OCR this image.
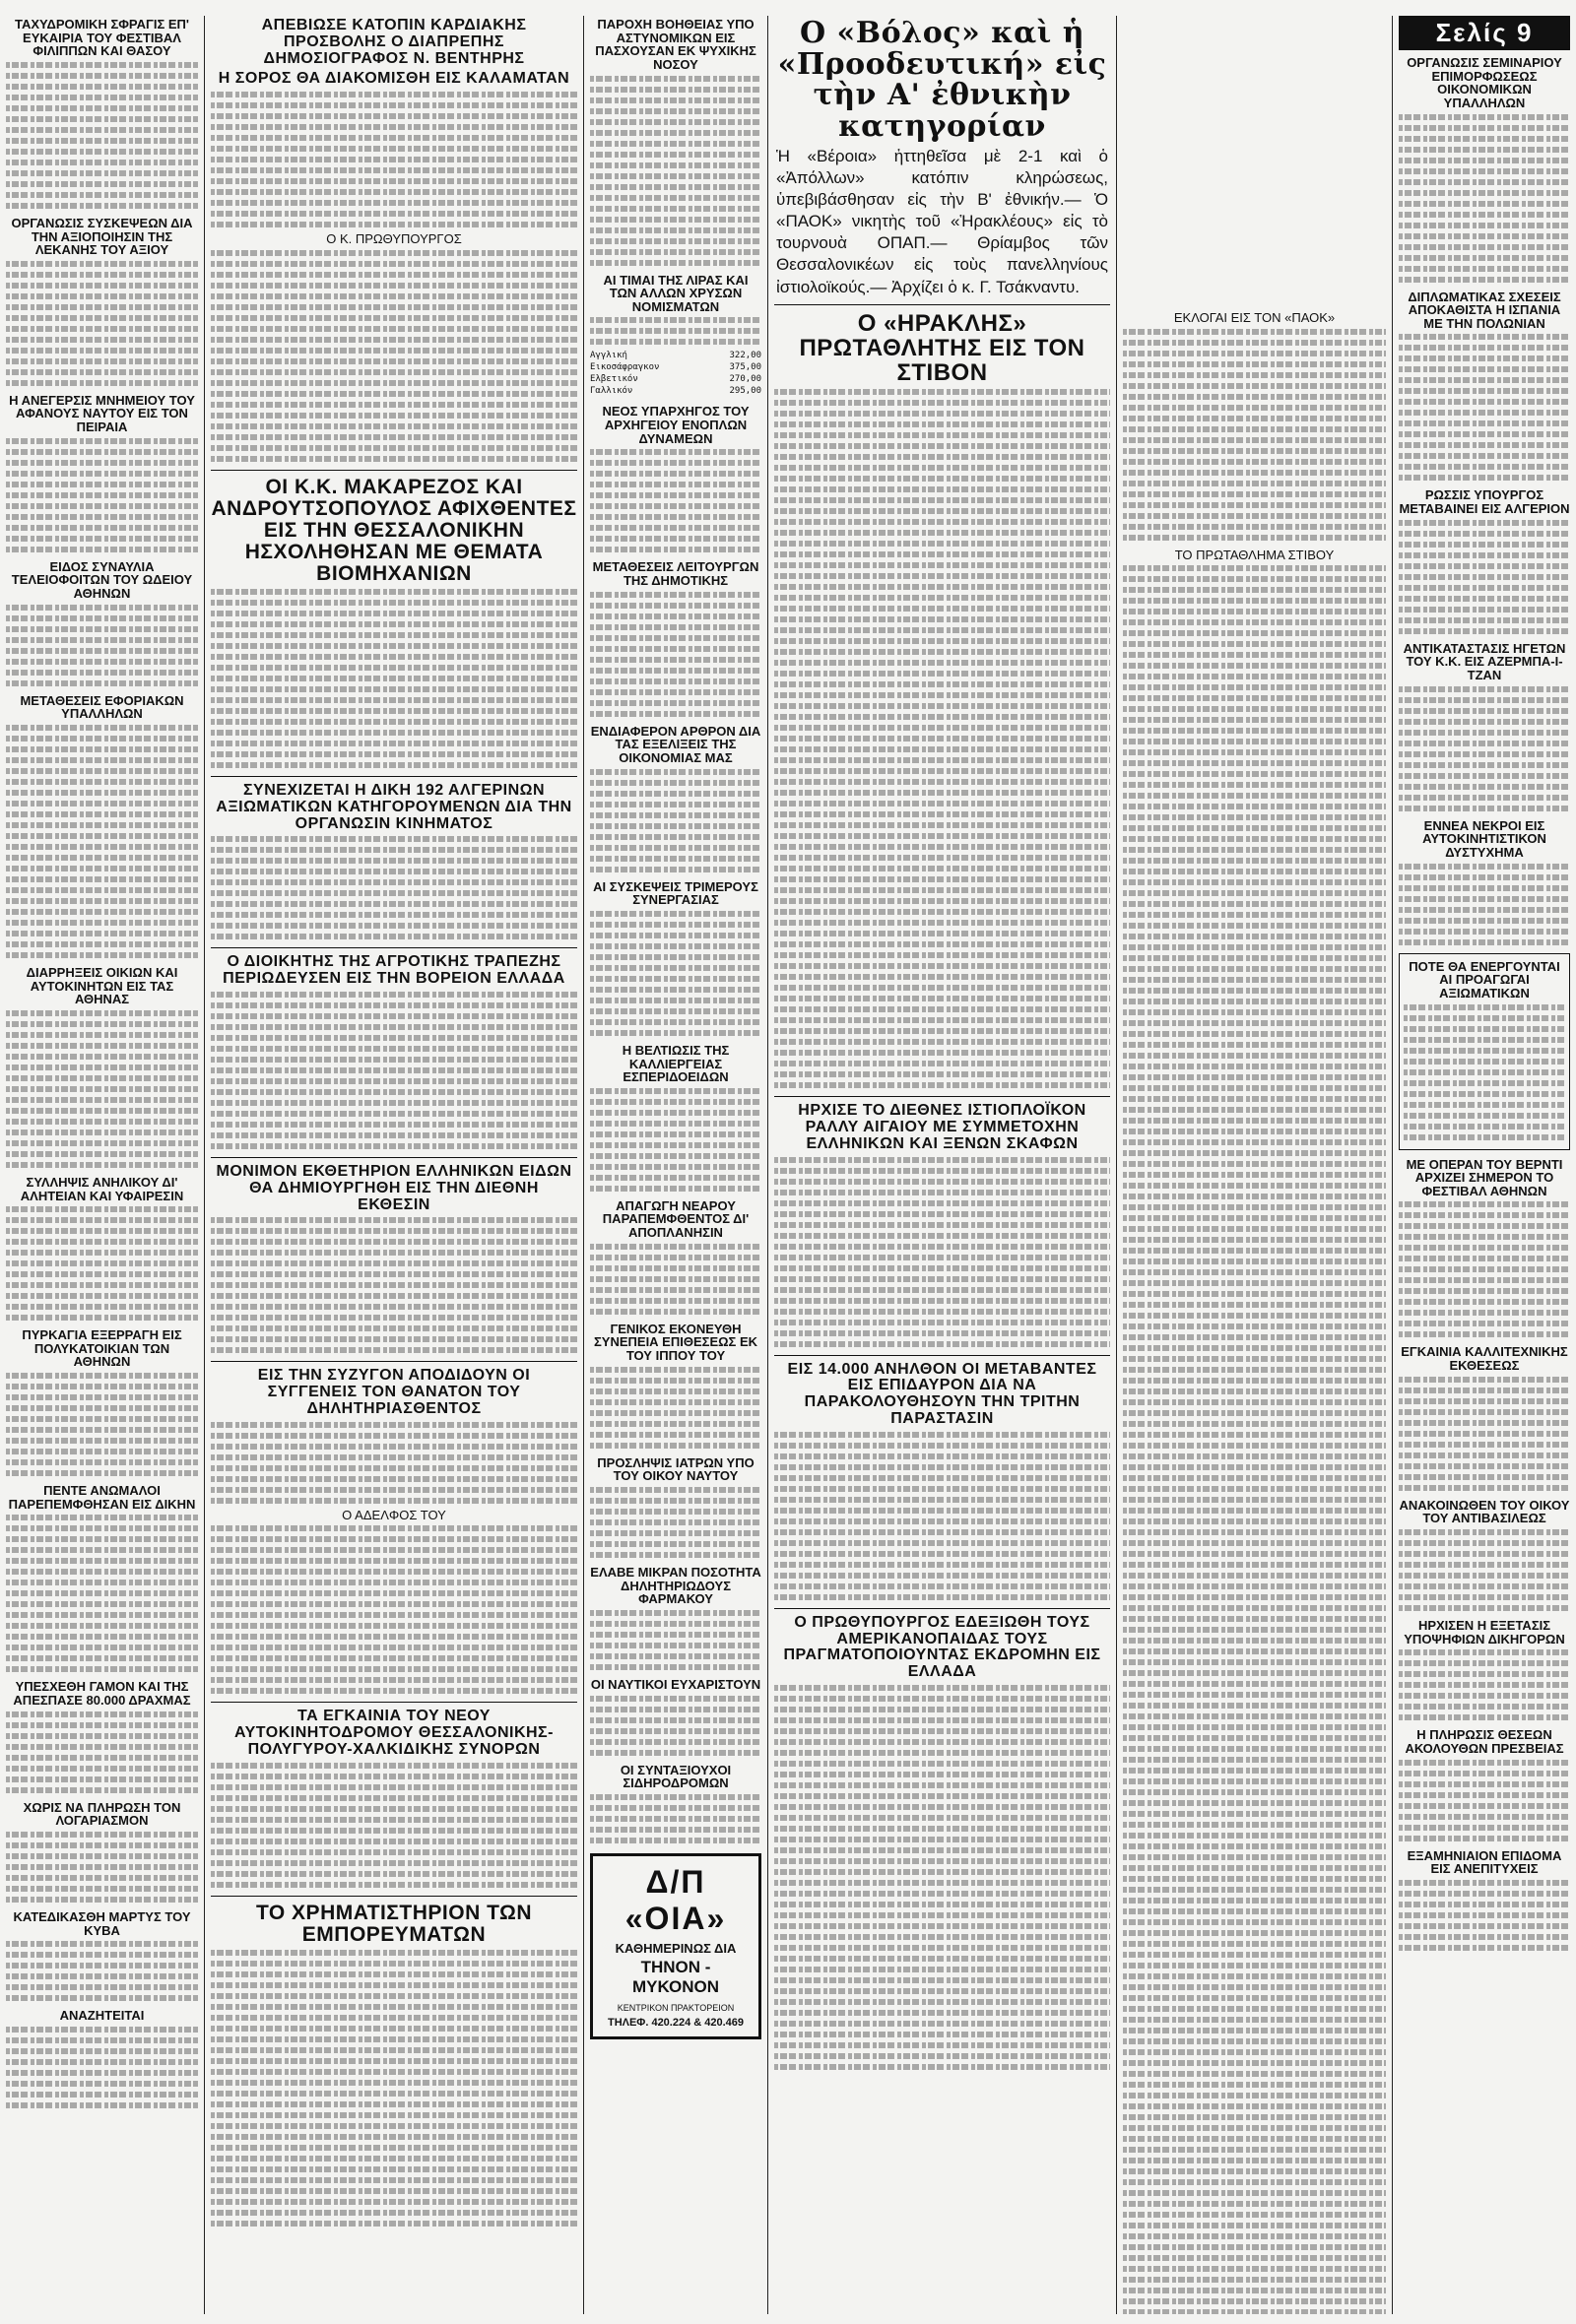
ΤΑΧΥΔΡΟΜΙΚΗ ΣΦΡΑΓΙΣ ΕΠ' ΕΥΚΑΙΡΙΑ ΤΟΥ ΦΕΣΤΙΒΑΛ ΦΙΛΙΠΠΩΝ ΚΑΙ ΘΑΣΟΥ
ΟΡΓΑΝΩΣΙΣ ΣΥΣΚΕΨΕΩΝ ΔΙΑ ΤΗΝ ΑΞΙΟΠΟΙΗΣΙΝ ΤΗΣ ΛΕΚΑΝΗΣ ΤΟΥ ΑΞΙΟΥ
Η ΑΝΕΓΕΡΣΙΣ ΜΝΗΜΕΙΟΥ ΤΟΥ ΑΦΑΝΟΥΣ ΝΑΥΤΟΥ ΕΙΣ ΤΟΝ ΠΕΙΡΑΙΑ
ΕΙΔΟΣ ΣΥΝΑΥΛΙΑ ΤΕΛΕΙΟΦΟΙΤΩΝ ΤΟΥ ΩΔΕΙΟΥ ΑΘΗΝΩΝ
ΜΕΤΑΘΕΣΕΙΣ ΕΦΟΡΙΑΚΩΝ ΥΠΑΛΛΗΛΩΝ
ΔΙΑΡΡΗΞΕΙΣ ΟΙΚΙΩΝ ΚΑΙ ΑΥΤΟΚΙΝΗΤΩΝ ΕΙΣ ΤΑΣ ΑΘΗΝΑΣ
ΣΥΛΛΗΨΙΣ ΑΝΗΛΙΚΟΥ ΔΙ' ΑΛΗΤΕΙΑΝ ΚΑΙ ΥΦΑΙΡΕΣΙΝ
ΠΥΡΚΑΓΙΑ ΕΞΕΡΡΑΓΗ ΕΙΣ ΠΟΛΥΚΑΤΟΙΚΙΑΝ ΤΩΝ ΑΘΗΝΩΝ
ΠΕΝΤΕ ΑΝΩΜΑΛΟΙ ΠΑΡΕΠΕΜΦΘΗΣΑΝ ΕΙΣ ΔΙΚΗΝ
ΥΠΕΣΧΕΘΗ ΓΑΜΟΝ ΚΑΙ ΤΗΣ ΑΠΕΣΠΑΣΕ 80.000 ΔΡΑΧΜΑΣ
ΧΩΡΙΣ ΝΑ ΠΛΗΡΩΣΗ ΤΟΝ ΛΟΓΑΡΙΑΣΜΟΝ
ΚΑΤΕΔΙΚΑΣΘΗ ΜΑΡΤΥΣ ΤΟΥ ΚΥΒΑ
ΑΝΑΖΗΤΕΙΤΑΙ
ΑΠΕΒΙΩΣΕ ΚΑΤΟΠΙΝ ΚΑΡΔΙΑΚΗΣ ΠΡΟΣΒΟΛΗΣ Ο ΔΙΑΠΡΕΠΗΣ ΔΗΜΟΣΙΟΓΡΑΦΟΣ Ν. ΒΕΝΤΗΡΗΣ
Η ΣΟΡΟΣ ΘΑ ΔΙΑΚΟΜΙΣΘΗ ΕΙΣ ΚΑΛΑΜΑΤΑΝ
Ο Κ. ΠΡΩΘΥΠΟΥΡΓΟΣ
ΟΙ Κ.Κ. ΜΑΚΑΡΕΖΟΣ ΚΑΙ ΑΝΔΡΟΥΤΣΟΠΟΥΛΟΣ ΑΦΙΧΘΕΝΤΕΣ ΕΙΣ ΤΗΝ ΘΕΣΣΑΛΟΝΙΚΗΝ ΗΣΧΟΛΗΘΗΣΑΝ ΜΕ ΘΕΜΑΤΑ ΒΙΟΜΗΧΑΝΙΩΝ
ΣΥΝΕΧΙΖΕΤΑΙ Η ΔΙΚΗ 192 ΑΛΓΕΡΙΝΩΝ ΑΞΙΩΜΑΤΙΚΩΝ ΚΑΤΗΓΟΡΟΥΜΕΝΩΝ ΔΙΑ ΤΗΝ ΟΡΓΑΝΩΣΙΝ ΚΙΝΗΜΑΤΟΣ
Ο ΔΙΟΙΚΗΤΗΣ ΤΗΣ ΑΓΡΟΤΙΚΗΣ ΤΡΑΠΕΖΗΣ ΠΕΡΙΩΔΕΥΣΕΝ ΕΙΣ ΤΗΝ ΒΟΡΕΙΟΝ ΕΛΛΑΔΑ
ΜΟΝΙΜΟΝ ΕΚΘΕΤΗΡΙΟΝ ΕΛΛΗΝΙΚΩΝ ΕΙΔΩΝ ΘΑ ΔΗΜΙΟΥΡΓΗΘΗ ΕΙΣ ΤΗΝ ΔΙΕΘΝΗ ΕΚΘΕΣΙΝ
ΕΙΣ ΤΗΝ ΣΥΖΥΓΟΝ ΑΠΟΔΙΔΟΥΝ ΟΙ ΣΥΓΓΕΝΕΙΣ ΤΟΝ ΘΑΝΑΤΟΝ ΤΟΥ ΔΗΛΗΤΗΡΙΑΣΘΕΝΤΟΣ
Ο ΑΔΕΛΦΟΣ ΤΟΥ
ΤΑ ΕΓΚΑΙΝΙΑ ΤΟΥ ΝΕΟΥ ΑΥΤΟΚΙΝΗΤΟΔΡΟΜΟΥ ΘΕΣΣΑΛΟΝΙΚΗΣ-ΠΟΛΥΓΥΡΟΥ-ΧΑΛΚΙΔΙΚΗΣ ΣΥΝΟΡΩΝ
ΤΟ ΧΡΗΜΑΤΙΣΤΗΡΙΟΝ ΤΩΝ ΕΜΠΟΡΕΥΜΑΤΩΝ
ΠΑΡΟΧΗ ΒΟΗΘΕΙΑΣ ΥΠΟ ΑΣΤΥΝΟΜΙΚΩΝ ΕΙΣ ΠΑΣΧΟΥΣΑΝ ΕΚ ΨΥΧΙΚΗΣ ΝΟΣΟΥ
ΑΙ ΤΙΜΑΙ ΤΗΣ ΛΙΡΑΣ ΚΑΙ ΤΩΝ ΑΛΛΩΝ ΧΡΥΣΩΝ ΝΟΜΙΣΜΑΤΩΝ
Αγγλική	322,00
Εικοσάφραγκον	375,00
Ελβετικόν	270,00
Γαλλικόν	295,00
ΝΕΟΣ ΥΠΑΡΧΗΓΟΣ ΤΟΥ ΑΡΧΗΓΕΙΟΥ ΕΝΟΠΛΩΝ ΔΥΝΑΜΕΩΝ
ΜΕΤΑΘΕΣΕΙΣ ΛΕΙΤΟΥΡΓΩΝ ΤΗΣ ΔΗΜΟΤΙΚΗΣ
ΕΝΔΙΑΦΕΡΟΝ ΑΡΘΡΟΝ ΔΙΑ ΤΑΣ ΕΞΕΛΙΞΕΙΣ ΤΗΣ ΟΙΚΟΝΟΜΙΑΣ ΜΑΣ
ΑΙ ΣΥΣΚΕΨΕΙΣ ΤΡΙΜΕΡΟΥΣ ΣΥΝΕΡΓΑΣΙΑΣ
Η ΒΕΛΤΙΩΣΙΣ ΤΗΣ ΚΑΛΛΙΕΡΓΕΙΑΣ ΕΣΠΕΡΙΔΟΕΙΔΩΝ
ΑΠΑΓΩΓΗ ΝΕΑΡΟΥ ΠΑΡΑΠΕΜΦΘΕΝΤΟΣ ΔΙ' ΑΠΟΠΛΑΝΗΣΙΝ
ΓΕΝΙΚΟΣ ΕΚΟΝΕΥΘΗ ΣΥΝΕΠΕΙΑ ΕΠΙΘΕΣΕΩΣ ΕΚ ΤΟΥ ΙΠΠΟΥ ΤΟΥ
ΠΡΟΣΛΗΨΙΣ ΙΑΤΡΩΝ ΥΠΟ ΤΟΥ ΟΙΚΟΥ ΝΑΥΤΟΥ
ΕΛΑΒΕ ΜΙΚΡΑΝ ΠΟΣΟΤΗΤΑ ΔΗΛΗΤΗΡΙΩΔΟΥΣ ΦΑΡΜΑΚΟΥ
ΟΙ ΝΑΥΤΙΚΟΙ ΕΥΧΑΡΙΣΤΟΥΝ
ΟΙ ΣΥΝΤΑΞΙΟΥΧΟΙ ΣΙΔΗΡΟΔΡΟΜΩΝ
Δ/Π «ΟΙΑ»
ΚΑΘΗΜΕΡΙΝΩΣ ΔΙΑ
ΤΗΝΟΝ - ΜΥΚΟΝΟΝ
ΚΕΝΤΡΙΚΟΝ ΠΡΑΚΤΟΡΕΙΟΝ
ΤΗΛΕΦ. 420.224 & 420.469
Ο «Βόλος» καὶ ἡ «Προοδευτική» εἰς τὴν Α' ἐθνικὴν κατηγορίαν
Ἡ «Βέροια» ἡττηθεῖσα μὲ 2-1 καὶ ὁ «Ἀπόλλων» κατόπιν κληρώσεως, ὑπεβιβάσθησαν εἰς τὴν Β' ἐθνικήν.— Ὁ «ΠΑΟΚ» νικητὴς τοῦ «Ἡρακλέους» εἰς τὸ τουρνουὰ ΟΠΑΠ.— Θρίαμβος τῶν Θεσσαλονικέων εἰς τοὺς πανελληνίους ἰστιολοϊκούς.— Ἀρχίζει ὁ κ. Γ. Τσάκναντυ.
Ο «ΗΡΑΚΛΗΣ» ΠΡΩΤΑΘΛΗΤΗΣ ΕΙΣ ΤΟΝ ΣΤΙΒΟΝ
ΗΡΧΙΣΕ ΤΟ ΔΙΕΘΝΕΣ ΙΣΤΙΟΠΛΟΪΚΟΝ ΡΑΛΛΥ ΑΙΓΑΙΟΥ ΜΕ ΣΥΜΜΕΤΟΧΗΝ ΕΛΛΗΝΙΚΩΝ ΚΑΙ ΞΕΝΩΝ ΣΚΑΦΩΝ
ΕΙΣ 14.000 ΑΝΗΛΘΟΝ ΟΙ ΜΕΤΑΒΑΝΤΕΣ ΕΙΣ ΕΠΙΔΑΥΡΟΝ ΔΙΑ ΝΑ ΠΑΡΑΚΟΛΟΥΘΗΣΟΥΝ ΤΗΝ ΤΡΙΤΗΝ ΠΑΡΑΣΤΑΣΙΝ
Ο ΠΡΩΘΥΠΟΥΡΓΟΣ ΕΔΕΞΙΩΘΗ ΤΟΥΣ ΑΜΕΡΙΚΑΝΟΠΑΙΔΑΣ ΤΟΥΣ ΠΡΑΓΜΑΤΟΠΟΙΟΥΝΤΑΣ ΕΚΔΡΟΜΗΝ ΕΙΣ ΕΛΛΑΔΑ
ΕΚΛΟΓΑΙ ΕΙΣ ΤΟΝ «ΠΑΟΚ»
ΤΟ ΠΡΩΤΑΘΛΗΜΑ ΣΤΙΒΟΥ
Σελίς 9
ΟΡΓΑΝΩΣΙΣ ΣΕΜΙΝΑΡΙΟΥ ΕΠΙΜΟΡΦΩΣΕΩΣ ΟΙΚΟΝΟΜΙΚΩΝ ΥΠΑΛΛΗΛΩΝ
ΔΙΠΛΩΜΑΤΙΚΑΣ ΣΧΕΣΕΙΣ ΑΠΟΚΑΘΙΣΤΑ Η ΙΣΠΑΝΙΑ ΜΕ ΤΗΝ ΠΟΛΩΝΙΑΝ
ΡΩΣΣΙΣ ΥΠΟΥΡΓΟΣ ΜΕΤΑΒΑΙΝΕΙ ΕΙΣ ΑΛΓΕΡΙΟΝ
ΑΝΤΙΚΑΤΑΣΤΑΣΙΣ ΗΓΕΤΩΝ ΤΟΥ Κ.Κ. ΕΙΣ ΑΖΕΡΜΠΑ-Ι-ΤΖΑΝ
ΕΝΝΕΑ ΝΕΚΡΟΙ ΕΙΣ ΑΥΤΟΚΙΝΗΤΙΣΤΙΚΟΝ ΔΥΣΤΥΧΗΜΑ
ΠΟΤΕ ΘΑ ΕΝΕΡΓΟΥΝΤΑΙ ΑΙ ΠΡΟΑΓΩΓΑΙ ΑΞΙΩΜΑΤΙΚΩΝ
ΜΕ ΟΠΕΡΑΝ ΤΟΥ ΒΕΡΝΤΙ ΑΡΧΙΖΕΙ ΣΗΜΕΡΟΝ ΤΟ ΦΕΣΤΙΒΑΛ ΑΘΗΝΩΝ
ΕΓΚΑΙΝΙΑ ΚΑΛΛΙΤΕΧΝΙΚΗΣ ΕΚΘΕΣΕΩΣ
ΑΝΑΚΟΙΝΩΘΕΝ ΤΟΥ ΟΙΚΟΥ ΤΟΥ ΑΝΤΙΒΑΣΙΛΕΩΣ
ΗΡΧΙΣΕΝ Η ΕΞΕΤΑΣΙΣ ΥΠΟΨΗΦΙΩΝ ΔΙΚΗΓΟΡΩΝ
Η ΠΛΗΡΩΣΙΣ ΘΕΣΕΩΝ ΑΚΟΛΟΥΘΩΝ ΠΡΕΣΒΕΙΑΣ
ΕΞΑΜΗΝΙΑΙΟΝ ΕΠΙΔΟΜΑ ΕΙΣ ΑΝΕΠΙΤΥΧΕΙΣ
